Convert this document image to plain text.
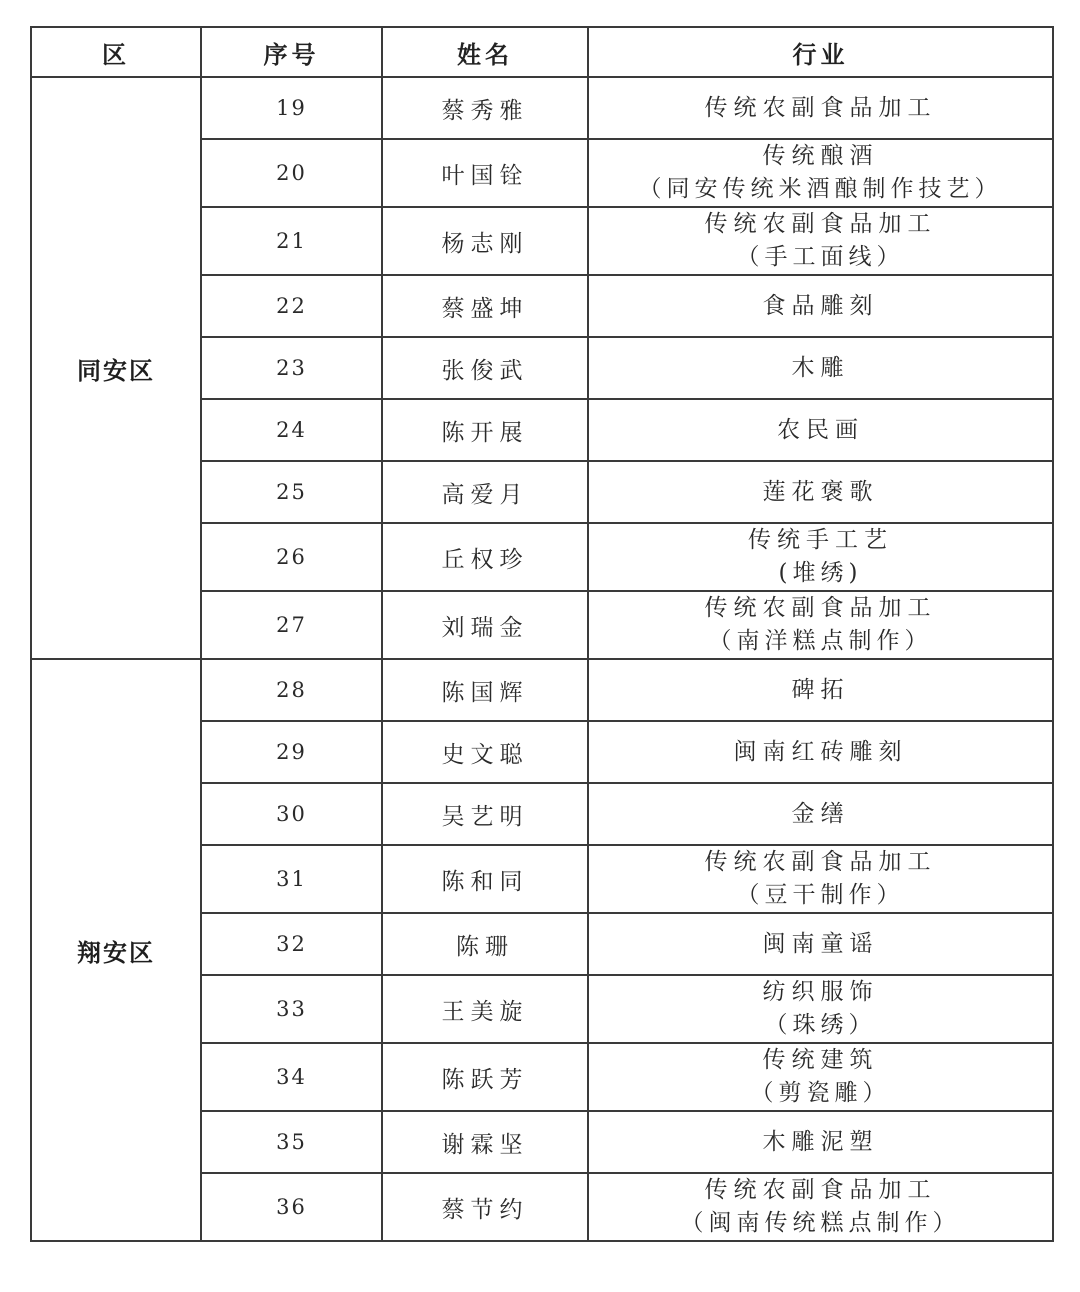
区	序号	姓名	行业
同安区	19	蔡秀雅	传统农副食品加工

	20	叶国铨	传统酿酒
（同安传统米酒酿制作技艺）

	21	杨志刚	传统农副食品加工
（手工面线）

	22	蔡盛坤	食品雕刻

	23	张俊武	木雕

	24	陈开展	农民画

	25	高爱月	莲花褒歌

	26	丘权珍	传统手工艺
(堆绣)

	27	刘瑞金	传统农副食品加工
（南洋糕点制作）

翔安区	28	陈国辉	碑拓

	29	史文聪	闽南红砖雕刻

	30	吴艺明	金缮

	31	陈和同	传统农副食品加工
（豆干制作）

	32	陈珊	闽南童谣

	33	王美旋	纺织服饰
（珠绣）

	34	陈跃芳	传统建筑
（剪瓷雕）

	35	谢霖坚	木雕泥塑

	36	蔡节约	传统农副食品加工
（闽南传统糕点制作）
